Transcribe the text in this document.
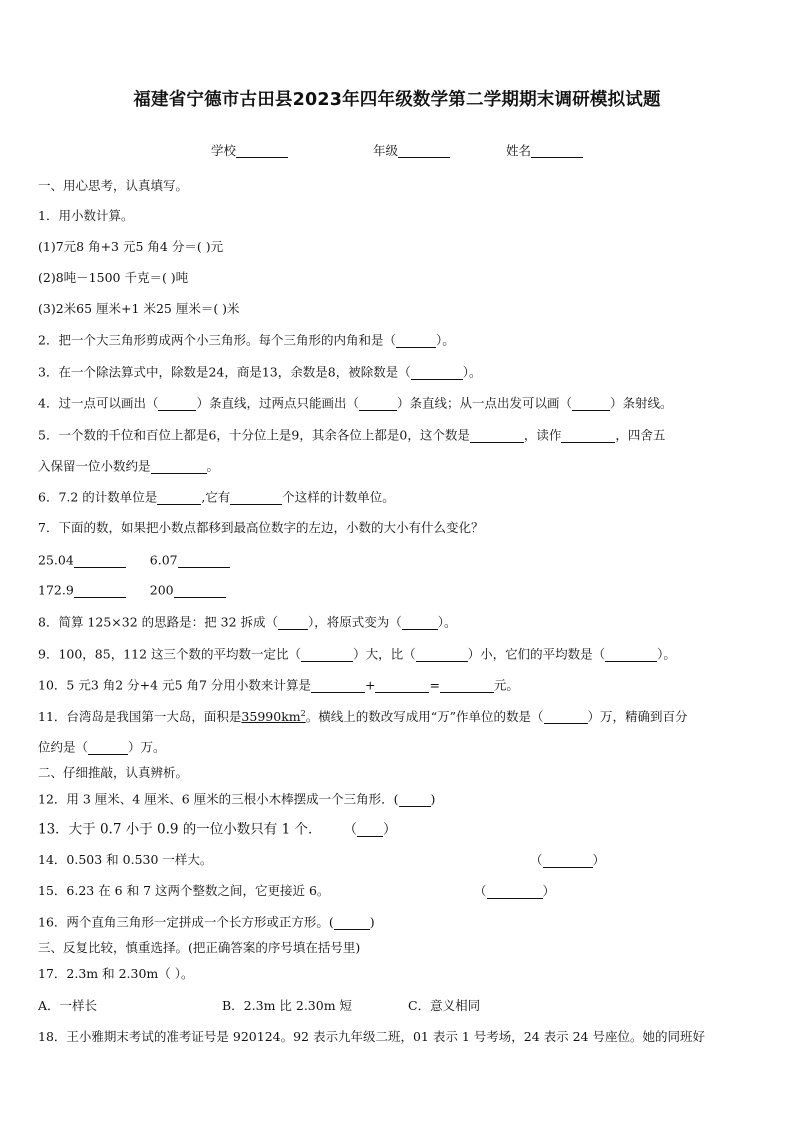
福建省宁德市古田县2023年四年级数学第二学期期末调研模拟试题
学校	年级	姓名
一、用心思考，认真填写。
1．用小数计算。
(1)7元8 角+3 元5 角4 分＝( )元
(2)8吨－1500 千克＝( )吨
(3)2米65 厘米+1 米25 厘米＝( )米
2．把一个大三角形剪成两个小三角形。每个三角形的内角和是（	）。
3．在一个除法算式中，除数是24，商是13，余数是8，被除数是（	）。
4．过一点可以画出（	）条直线，过两点只能画出（	）条直线；从一点出发可以画（	）条射线。
5．一个数的千位和百位上都是6，十分位上是9，其余各位上都是0，这个数是	，读作	，四舍五
入保留一位小数约是	。
6．7.2 的计数单位是	,它有	个这样的计数单位。
7．下面的数，如果把小数点都移到最高位数字的左边，小数的大小有什么变化？
25.04	6.07
172.9	200
8．简算 125×32 的思路是：把 32 拆成（ ），将原式变为（	）。
9．100，85，112 这三个数的平均数一定比（	）大，比（	）小，它们的平均数是（	）。
10．5 元3 角2 分+4 元5 角7 分用小数来计算是	+	=	元。
11．台湾岛是我国第一大岛，面积是$35990km^2$。横线上的数改写成用“万”作单位的数是（	）万，精确到百分
位约是（	）万。
二、仔细推敲，认真辨析。
12．用 3 厘米、4 厘米、6 厘米的三根小木棒摆成一个三角形．(	)
13．大于 0.7 小于 0.9 的一位小数只有 1 个． （ ）
14．0.503 和 0.530 一样大。	（	）
15．6.23 在 6 和 7 这两个整数之间，它更接近 6。	（	）
16．两个直角三角形一定拼成一个长方形或正方形。(	)
三、反复比较，慎重选择。(把正确答案的序号填在括号里)
17．2.3m 和 2.30m（ ）。
A．一样长	B．2.3m 比 2.30m 短	C．意义相同
18．王小雅期末考试的准考证号是 920124。92 表示九年级二班，01 表示 1 号考场，24 表示 24 号座位。她的同班好
